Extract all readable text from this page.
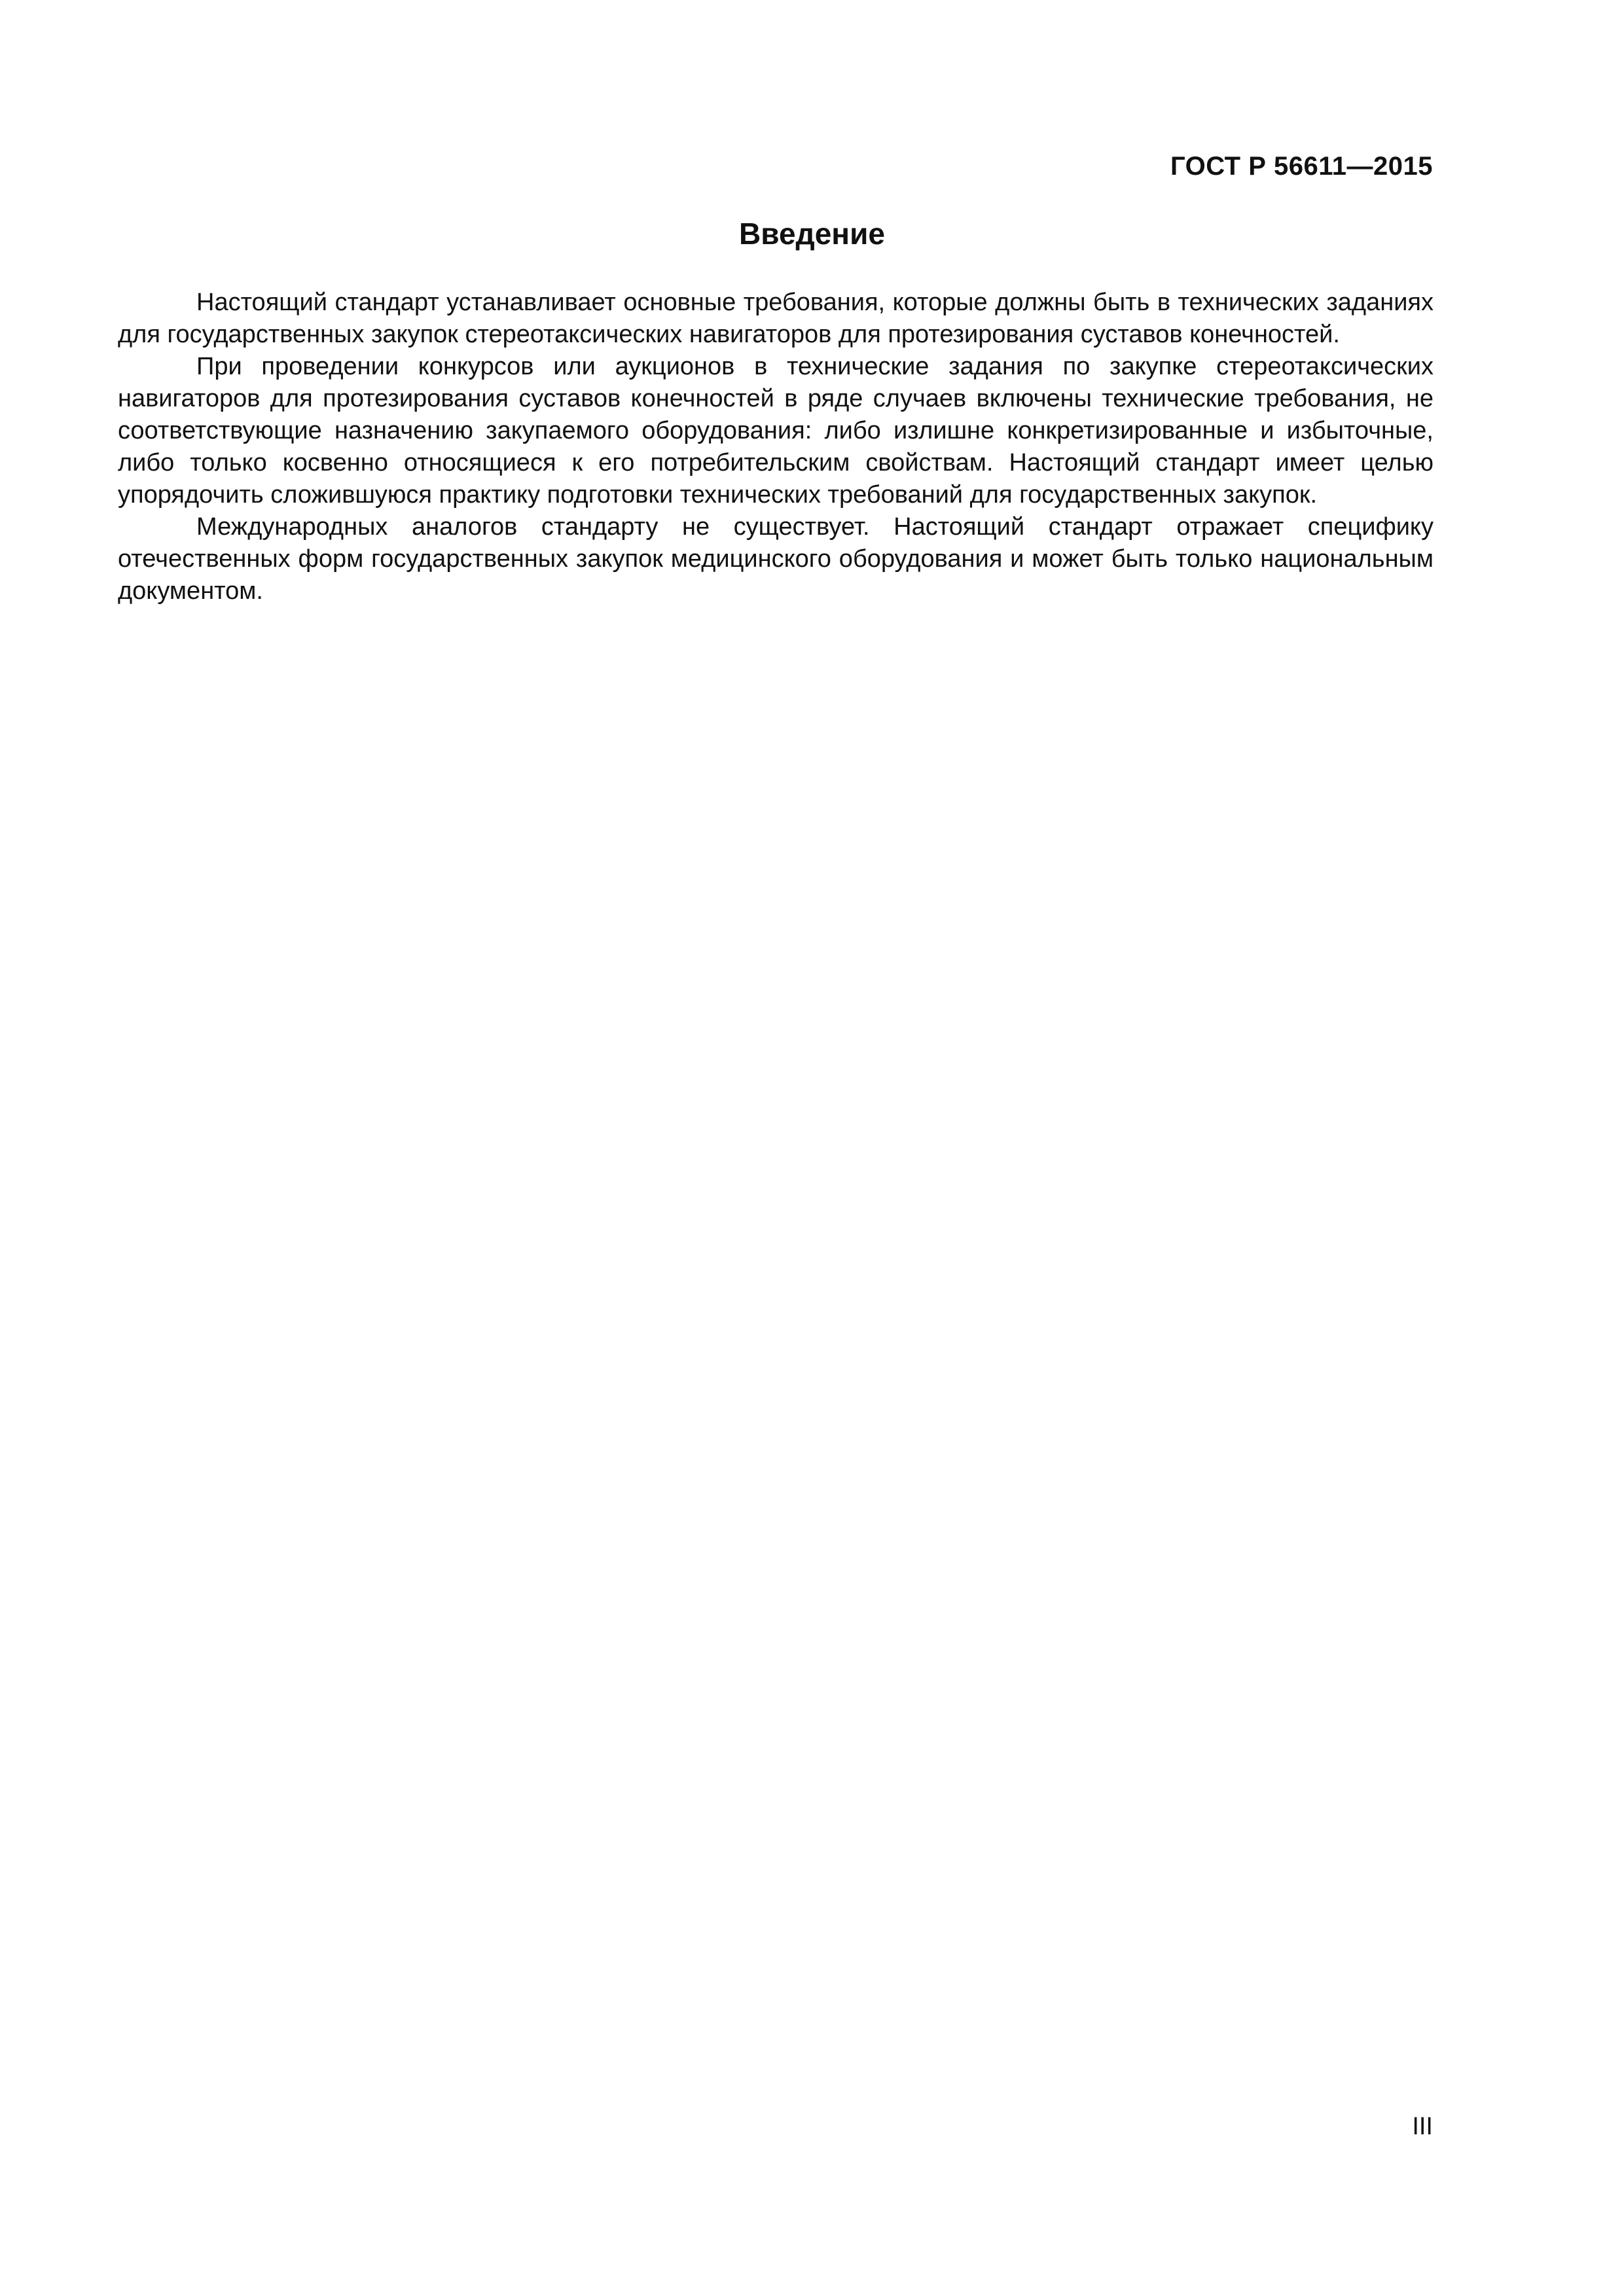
ГОСТ Р 56611—2015
Введение

Настоящий стандарт устанавливает основные требования, которые должны быть в технических заданиях для государственных закупок стереотаксических навигаторов для протезирования суставов конечностей.

При проведении конкурсов или аукционов в технические задания по закупке стереотаксических навигаторов для протезирования суставов конечностей в ряде случаев включены технические требования, не соответствующие назначению закупаемого оборудования: либо излишне конкретизированные и избыточные, либо только косвенно относящиеся к его потребительским свойствам. Настоящий стандарт имеет целью упорядочить сложившуюся практику подготовки технических требований для государственных закупок.

Международных аналогов стандарту не существует. Настоящий стандарт отражает специфику отечественных форм государственных закупок медицинского оборудования и может быть только национальным документом.

III
